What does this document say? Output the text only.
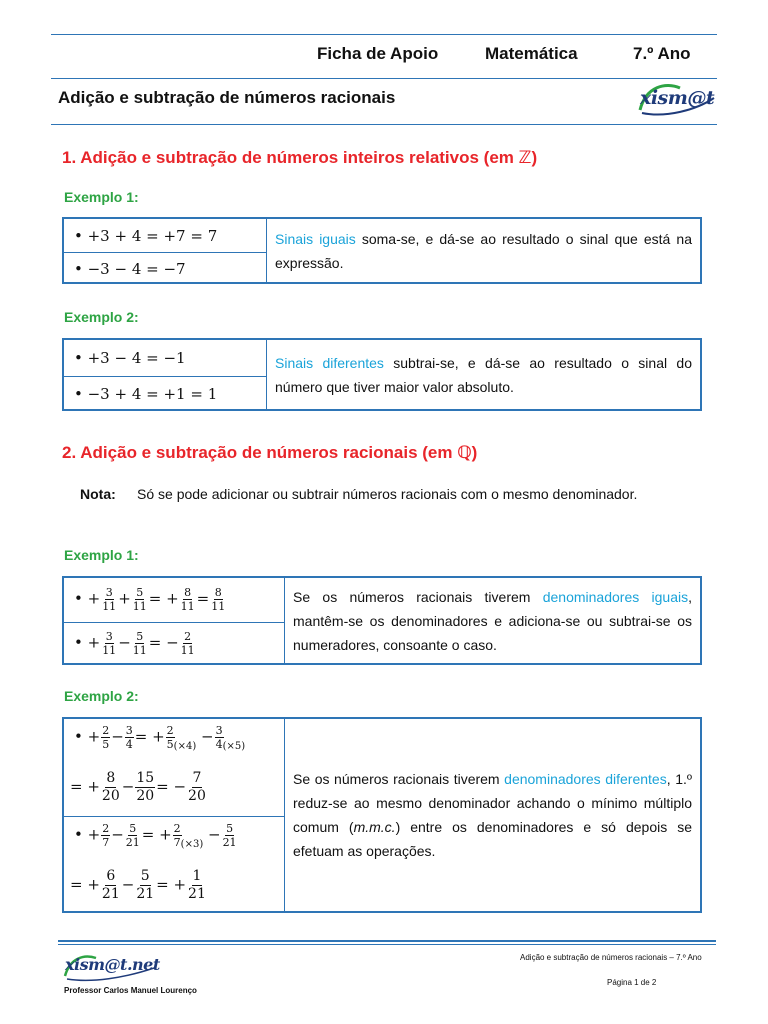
Ficha de Apoio	Matemática	7.º Ano
Adição e subtração de números racionais	xism@t
1. Adição e subtração de números inteiros relativos (em ℤ)
Exemplo 1:
• +3 + 4 = +7 = 7
• −3 − 4 = −7

Sinais iguais soma-se, e dá-se ao resultado o sinal que está na expressão.

Exemplo 2:
• +3 − 4 = −1
• −3 + 4 = +1 = 1

Sinais diferentes subtrai-se, e dá-se ao resultado o sinal do número que tiver maior valor absoluto.

2. Adição e subtração de números racionais (em ℚ)
Nota: Só se pode adicionar ou subtrair números racionais com o mesmo denominador.
Exemplo 1:
• + $\frac{3}{11} + \frac{5}{11}$ = + $\frac{8}{11} = \frac{8}{11}$
• + $\frac{3}{11} - \frac{5}{11}$ = − $\frac{2}{11}$

Se os números racionais tiverem denominadores iguais, mantêm-se os denominadores e adiciona-se ou subtrai-se os numeradores, consoante o caso.

Exemplo 2:
• + $\frac{2}{5} - \frac{3}{4}$ = + $\frac{2}{5} _{(\times 4)} - \frac{3}{4} _{(\times 5)}$
= + $\frac{8}{20} - \frac{15}{20}$ = − $\frac{7}{20}$
• + $\frac{2}{7} - \frac{5}{21}$ = + $\frac{2}{7} _{(\times 3)} - \frac{5}{21}$
= + $\frac{6}{21} - \frac{5}{21}$ = + $\frac{1}{21}$

Se os números racionais tiverem denominadores diferentes, 1.º reduz-se ao mesmo denominador achando o mínimo múltiplo comum (m.m.c.) entre os denominadores e só depois se efetuam as operações.

xism@t.net
Professor Carlos Manuel Lourenço
Adição e subtração de números racionais – 7.º Ano
Página 1 de 2
